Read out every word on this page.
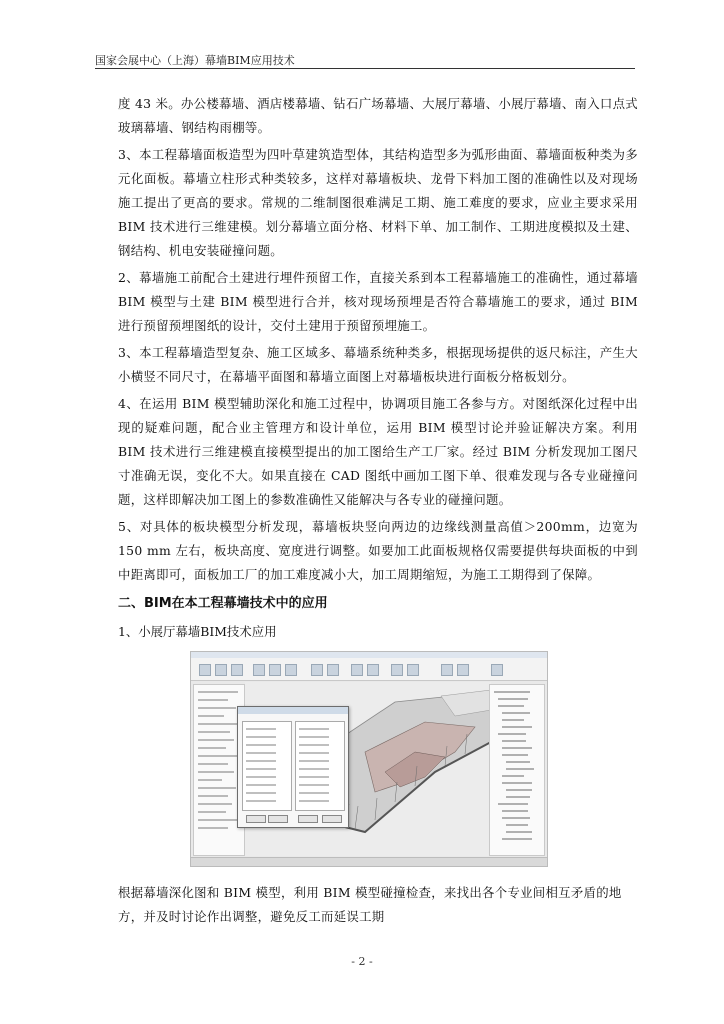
国家会展中心（上海）幕墙BIM应用技术

度 43 米。办公楼幕墙、酒店楼幕墙、钻石广场幕墙、大展厅幕墙、小展厅幕墙、南入口点式玻璃幕墙、钢结构雨棚等。

3、本工程幕墙面板造型为四叶草建筑造型体，其结构造型多为弧形曲面、幕墙面板种类为多元化面板。幕墙立柱形式种类较多，这样对幕墙板块、龙骨下料加工图的准确性以及对现场施工提出了更高的要求。常规的二维制图很难满足工期、施工难度的要求，应业主要求采用BIM 技术进行三维建模。划分幕墙立面分格、材料下单、加工制作、工期进度模拟及土建、钢结构、机电安装碰撞问题。

2、幕墙施工前配合土建进行埋件预留工作，直接关系到本工程幕墙施工的准确性，通过幕墙BIM 模型与土建 BIM 模型进行合并，核对现场预埋是否符合幕墙施工的要求，通过 BIM 进行预留预埋图纸的设计，交付土建用于预留预埋施工。

3、本工程幕墙造型复杂、施工区域多、幕墙系统种类多，根据现场提供的返尺标注，产生大小横竖不同尺寸，在幕墙平面图和幕墙立面图上对幕墙板块进行面板分格板划分。

4、在运用 BIM 模型辅助深化和施工过程中，协调项目施工各参与方。对图纸深化过程中出现的疑难问题，配合业主管理方和设计单位，运用 BIM 模型讨论并验证解决方案。利用 BIM 技术进行三维建模直接模型提出的加工图给生产工厂家。经过 BIM 分析发现加工图尺寸准确无误，变化不大。如果直接在 CAD 图纸中画加工图下单、很难发现与各专业碰撞问题，这样即解决加工图上的参数准确性又能解决与各专业的碰撞问题。

5、对具体的板块模型分析发现，幕墙板块竖向两边的边缘线测量高值＞200mm，边宽为 150 mm 左右，板块高度、宽度进行调整。如要加工此面板规格仅需要提供每块面板的中到中距离即可，面板加工厂的加工难度减小大，加工周期缩短，为施工工期得到了保障。

二、BIM在本工程幕墙技术中的应用

1、小展厅幕墙BIM技术应用

根据幕墙深化图和 BIM 模型，利用 BIM 模型碰撞检查，来找出各个专业间相互矛盾的地方，并及时讨论作出调整，避免反工而延误工期

- 2 -
